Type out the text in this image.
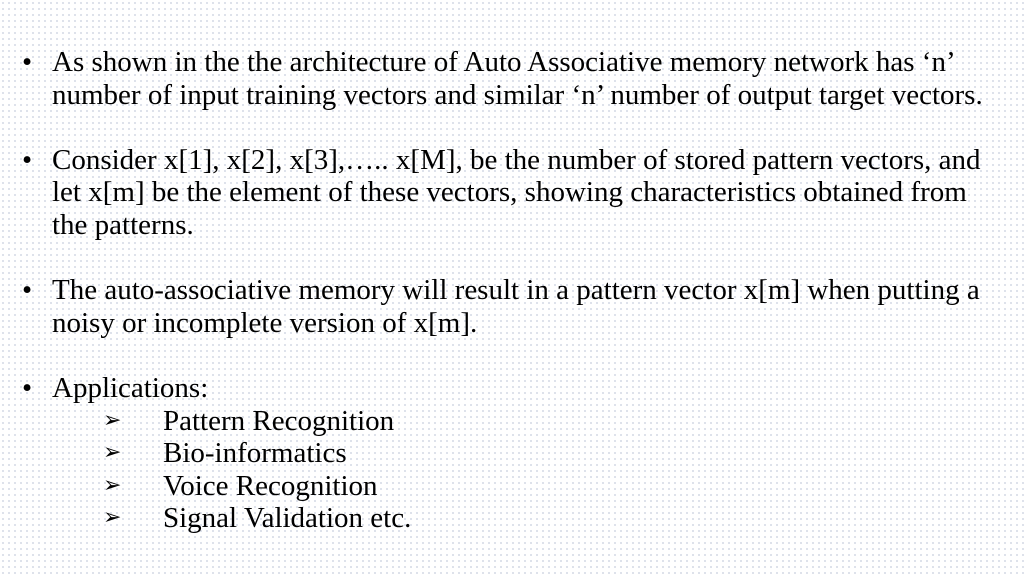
• As shown in the the architecture of Auto Associative memory network has ‘n’ number of input training vectors and similar ‘n’ number of output target vectors.
• Consider x[1], x[2], x[3],….. x[M], be the number of stored pattern vectors, and let x[m] be the element of these vectors, showing characteristics obtained from the patterns.
• The auto-associative memory will result in a pattern vector x[m] when putting a noisy or incomplete version of x[m].
• Applications:
➢ Pattern Recognition
➢ Bio-informatics
➢ Voice Recognition
➢ Signal Validation etc.
